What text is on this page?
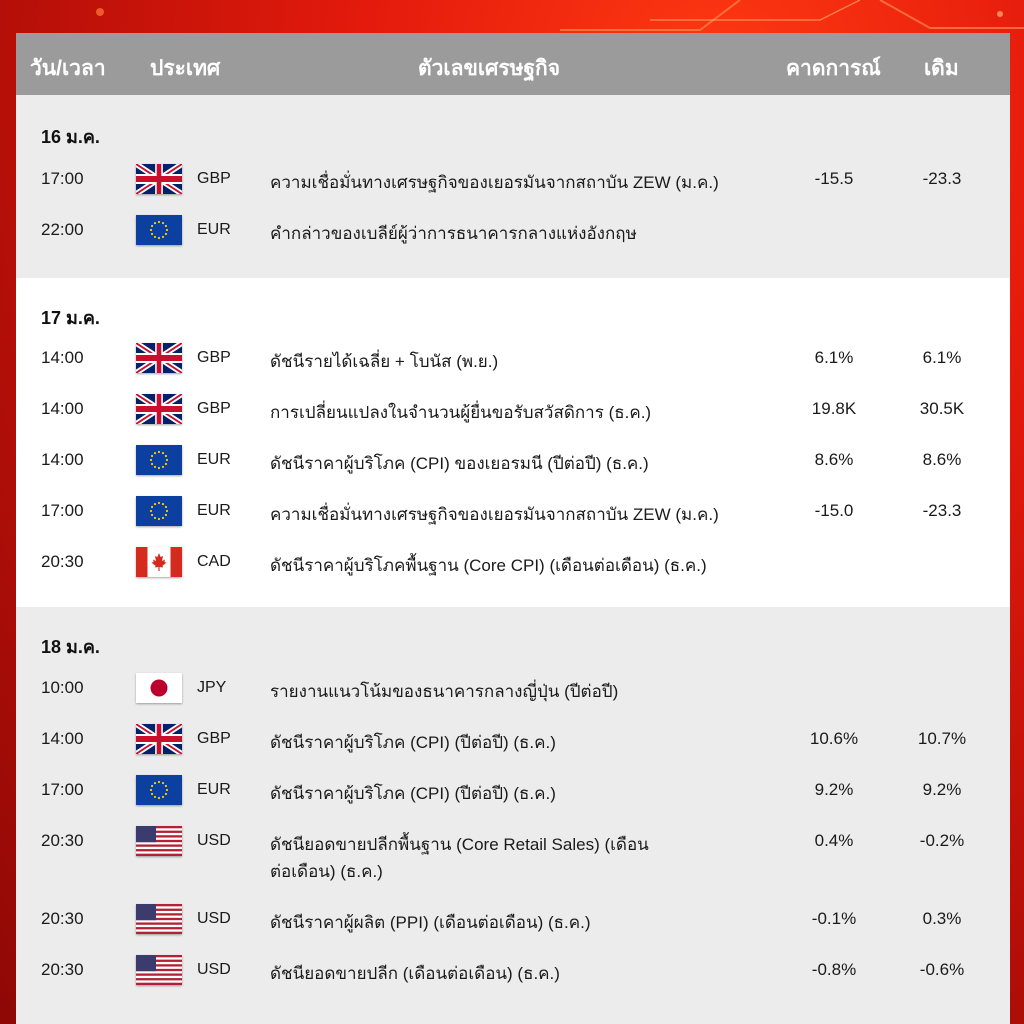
วัน/เวลา ประเทศ	ตัวเลขเศรษฐกิจ	คาดการณ์ เดิม
16 ม.ค.
17:00	GBP ความเชื่อมั่นทางเศรษฐกิจของเยอรมันจากสถาบัน ZEW (ม.ค.)	-15.5	-23.3
22:00	EUR คำกล่าวของเบลีย์ผู้ว่าการธนาคารกลางแห่งอังกฤษ
17 ม.ค.
14:00	GBP ดัชนีรายได้เฉลี่ย + โบนัส (พ.ย.)	6.1%	6.1%
14:00	GBP การเปลี่ยนแปลงในจำนวนผู้ยื่นขอรับสวัสดิการ (ธ.ค.)	19.8K	30.5K
14:00	EUR ดัชนีราคาผู้บริโภค (CPI) ของเยอรมนี (ปีต่อปี) (ธ.ค.)	8.6%	8.6%
17:00	EUR ความเชื่อมั่นทางเศรษฐกิจของเยอรมันจากสถาบัน ZEW (ม.ค.)	-15.0	-23.3
20:30	CAD ดัชนีราคาผู้บริโภคพื้นฐาน (Core CPI) (เดือนต่อเดือน) (ธ.ค.)
18 ม.ค.
10:00	JPY	รายงานแนวโน้มของธนาคารกลางญี่ปุ่น (ปีต่อปี)
14:00	GBP ดัชนีราคาผู้บริโภค (CPI) (ปีต่อปี) (ธ.ค.)	10.6%	10.7%
17:00	EUR ดัชนีราคาผู้บริโภค (CPI) (ปีต่อปี) (ธ.ค.)	9.2%	9.2%
20:30	USD ดัชนียอดขายปลีกพื้นฐาน (Core Retail Sales) (เดือนต่อเดือน) (ธ.ค.)
0.4%	-0.2%
20:30	USD ดัชนีราคาผู้ผลิต (PPI) (เดือนต่อเดือน) (ธ.ค.)	-0.1%	0.3%
20:30	USD ดัชนียอดขายปลีก (เดือนต่อเดือน) (ธ.ค.)	-0.8%	-0.6%
